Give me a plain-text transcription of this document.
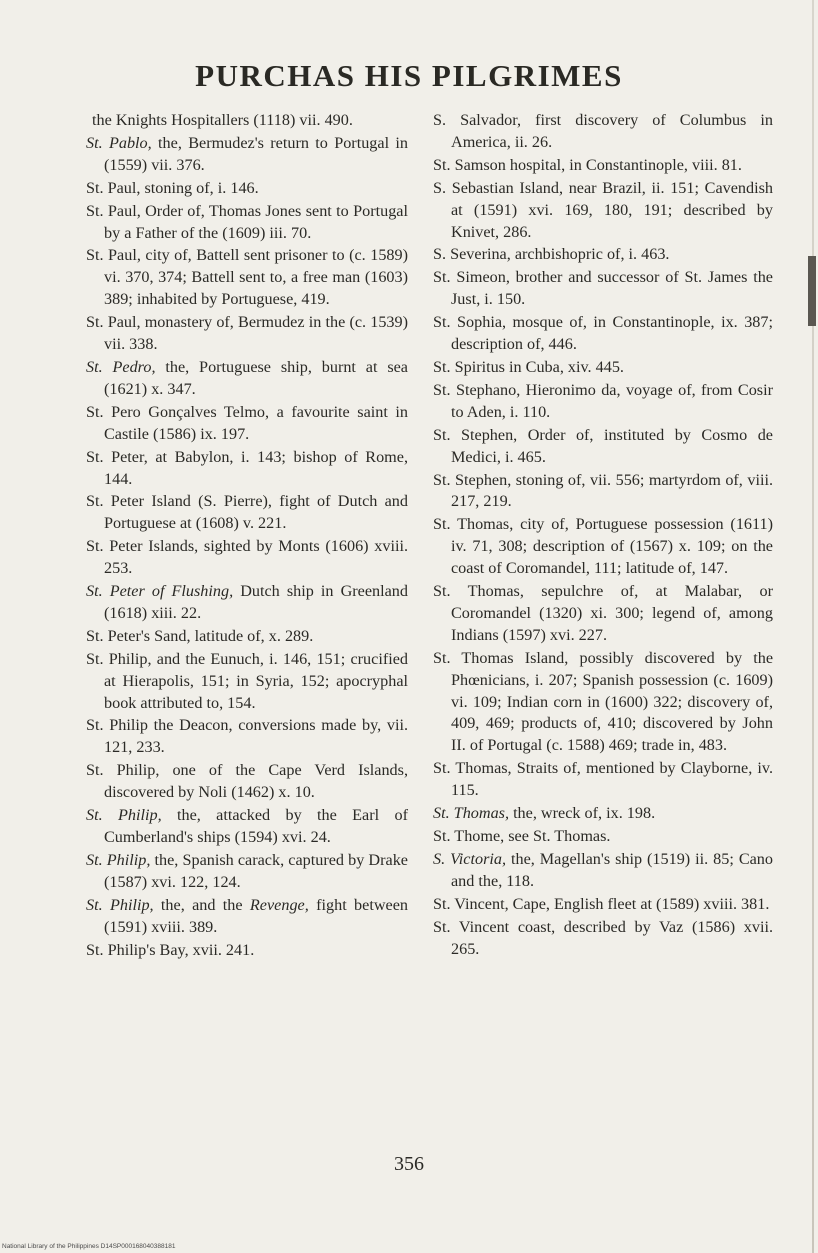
PURCHAS HIS PILGRIMES

the Knights Hospitallers (1118) vii. 490.

St. Pablo, the, Bermudez's return to Portugal in (1559) vii. 376.

St. Paul, stoning of, i. 146.

St. Paul, Order of, Thomas Jones sent to Portugal by a Father of the (1609) iii. 70.

St. Paul, city of, Battell sent prisoner to (c. 1589) vi. 370, 374; Battell sent to, a free man (1603) 389; inhabited by Portuguese, 419.

St. Paul, monastery of, Bermudez in the (c. 1539) vii. 338.

St. Pedro, the, Portuguese ship, burnt at sea (1621) x. 347.

St. Pero Gonçalves Telmo, a favourite saint in Castile (1586) ix. 197.

St. Peter, at Babylon, i. 143; bishop of Rome, 144.

St. Peter Island (S. Pierre), fight of Dutch and Portuguese at (1608) v. 221.

St. Peter Islands, sighted by Monts (1606) xviii. 253.

St. Peter of Flushing, Dutch ship in Greenland (1618) xiii. 22.

St. Peter's Sand, latitude of, x. 289.

St. Philip, and the Eunuch, i. 146, 151; crucified at Hierapolis, 151; in Syria, 152; apocryphal book attributed to, 154.

St. Philip the Deacon, conversions made by, vii. 121, 233.

St. Philip, one of the Cape Verd Islands, discovered by Noli (1462) x. 10.

St. Philip, the, attacked by the Earl of Cumberland's ships (1594) xvi. 24.

St. Philip, the, Spanish carack, captured by Drake (1587) xvi. 122, 124.

St. Philip, the, and the Revenge, fight between (1591) xviii. 389.

St. Philip's Bay, xvii. 241.

S. Salvador, first discovery of Columbus in America, ii. 26.

St. Samson hospital, in Constantinople, viii. 81.

S. Sebastian Island, near Brazil, ii. 151; Cavendish at (1591) xvi. 169, 180, 191; described by Knivet, 286.

S. Severina, archbishopric of, i. 463.

St. Simeon, brother and successor of St. James the Just, i. 150.

St. Sophia, mosque of, in Constantinople, ix. 387; description of, 446.

St. Spiritus in Cuba, xiv. 445.

St. Stephano, Hieronimo da, voyage of, from Cosir to Aden, i. 110.

St. Stephen, Order of, instituted by Cosmo de Medici, i. 465.

St. Stephen, stoning of, vii. 556; martyrdom of, viii. 217, 219.

St. Thomas, city of, Portuguese possession (1611) iv. 71, 308; description of (1567) x. 109; on the coast of Coromandel, 111; latitude of, 147.

St. Thomas, sepulchre of, at Malabar, or Coromandel (1320) xi. 300; legend of, among Indians (1597) xvi. 227.

St. Thomas Island, possibly discovered by the Phœnicians, i. 207; Spanish possession (c. 1609) vi. 109; Indian corn in (1600) 322; discovery of, 409, 469; products of, 410; discovered by John II. of Portugal (c. 1588) 469; trade in, 483.

St. Thomas, Straits of, mentioned by Clayborne, iv. 115.

St. Thomas, the, wreck of, ix. 198.

St. Thome, see St. Thomas.

S. Victoria, the, Magellan's ship (1519) ii. 85; Cano and the, 118.

St. Vincent, Cape, English fleet at (1589) xviii. 381.

St. Vincent coast, described by Vaz (1586) xvii. 265.

356
National Library of the Philippines D14SP000168040388181
